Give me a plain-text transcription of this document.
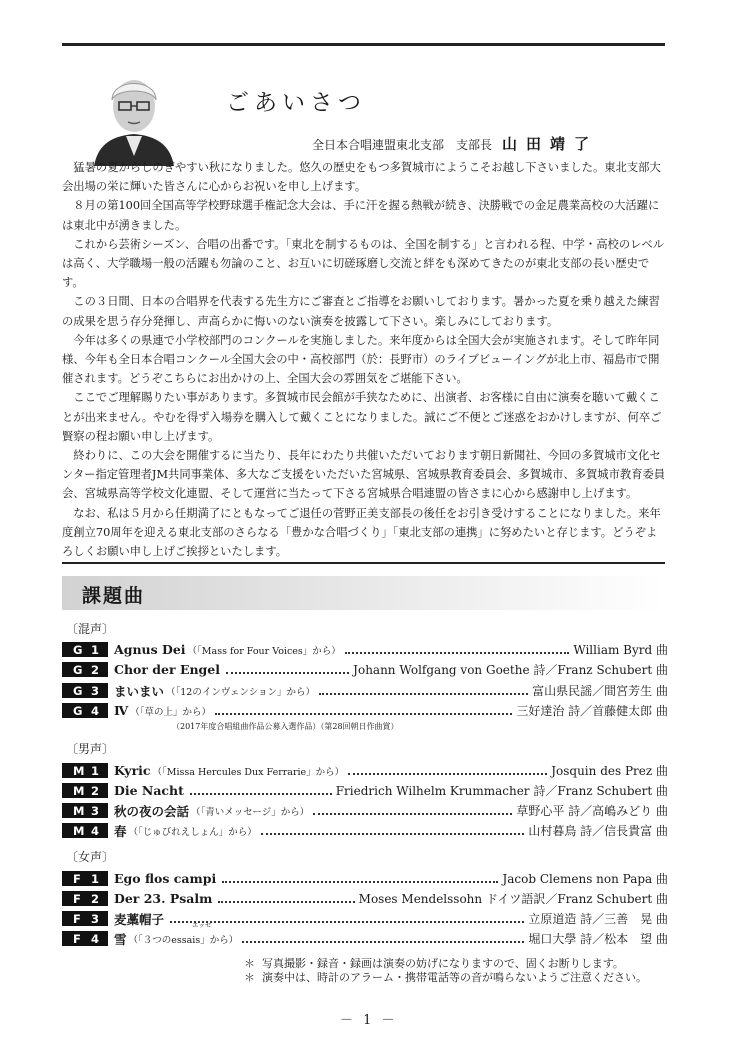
ごあいさつ
全日本合唱連盟東北支部　支部長 山田靖了

猛暑の夏からしのぎやすい秋になりました。悠久の歴史をもつ多賀城市にようこそお越し下さいました。東北支部大会出場の栄に輝いた皆さんに心からお祝いを申し上げます。

８月の第100回全国高等学校野球選手権記念大会は、手に汗を握る熱戦が続き、決勝戦での金足農業高校の大活躍には東北中が湧きました。

これから芸術シーズン、合唱の出番です。「東北を制するものは、全国を制する」と言われる程、中学・高校のレベルは高く、大学職場一般の活躍も勿論のこと、お互いに切磋琢磨し交流と絆をも深めてきたのが東北支部の長い歴史です。

この３日間、日本の合唱界を代表する先生方にご審査とご指導をお願いしております。暑かった夏を乗り越えた練習の成果を思う存分発揮し、声高らかに悔いのない演奏を披露して下さい。楽しみにしております。

今年は多くの県連で小学校部門のコンクールを実施しました。来年度からは全国大会が実施されます。そして昨年同様、今年も全日本合唱コンクール全国大会の中・高校部門（於：長野市）のライブビューイングが北上市、福島市で開催されます。どうぞこちらにお出かけの上、全国大会の雰囲気をご堪能下さい。

ここでご理解賜りたい事があります。多賀城市民会館が手狭なために、出演者、お客様に自由に演奏を聴いて戴くことが出来ません。やむを得ず入場券を購入して戴くことになりました。誠にご不便とご迷惑をおかけしますが、何卒ご賢察の程お願い申し上げます。

終わりに、この大会を開催するに当たり、長年にわたり共催いただいております朝日新聞社、今回の多賀城市文化センター指定管理者JM共同事業体、多大なご支援をいただいた宮城県、宮城県教育委員会、多賀城市、多賀城市教育委員会、宮城県高等学校文化連盟、そして運営に当たって下さる宮城県合唱連盟の皆さまに心から感謝申し上げます。

なお、私は５月から任期満了にともなってご退任の菅野正美支部長の後任をお引き受けすることになりました。来年度創立70周年を迎える東北支部のさらなる「豊かな合唱づくり」「東北支部の連携」に努めたいと存じます。どうぞよろしくお願い申し上げご挨拶といたします。

課題曲
〔混声〕
G 1 Agnus Dei （「Mass for Four Voices」から）	William Byrd 曲
G 2 Chor der Engel	Johann Wolfgang von Goethe 詩／Franz Schubert 曲
G 3 まいまい （「12のインヴェンション」から）	富山県民謡／間宮芳生 曲
G 4 Ⅳ （「草の上」から）	三好達治 詩／首藤健太郎 曲
（2017年度合唱組曲作品公募入選作品）（第28回朝日作曲賞）
〔男声〕
M 1 Kyric （「Missa Hercules Dux Ferrarie」から）	Josquin des Prez 曲
M 2 Die Nacht	Friedrich Wilhelm Krummacher 詩／Franz Schubert 曲
M 3 秋の夜の会話 （「青いメッセージ」から）	草野心平 詩／高嶋みどり 曲
M 4 春 （「じゅびれえしょん」から）	山村暮鳥 詩／信長貴富 曲
〔女声〕
F 1 Ego flos campi	Jacob Clemens non Papa 曲
F 2 Der 23. Psalm	Moses Mendelssohn ドイツ語訳／Franz Schubert 曲
F 3 麦藁帽子	立原道造 詩／三善　晃 曲
エッセ
F 4 雪 （「３つのessais」から）	堀口大學 詩／松本　望 曲
＊ 写真撮影・録音・録画は演奏の妨げになりますので、固くお断りします。
＊ 演奏中は、時計のアラーム・携帯電話等の音が鳴らないようご注意ください。
－ 1 －
